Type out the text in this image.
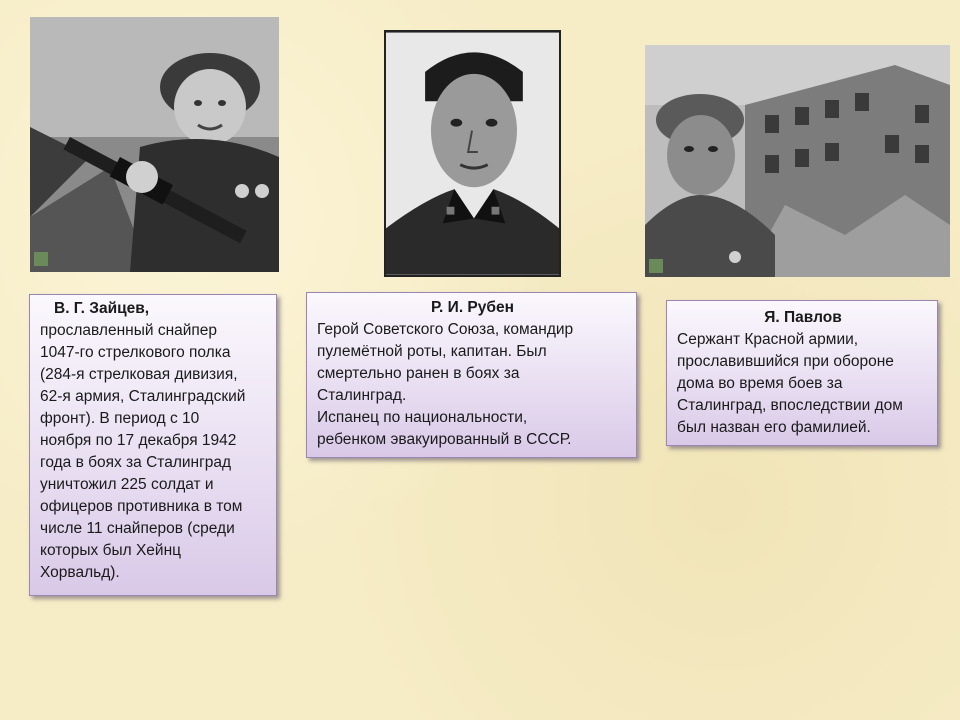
В. Г. Зайцев,
прославленный снайпер
1047-го стрелкового полка
(284-я стрелковая дивизия,
62-я армия, Сталинградский
фронт). В период с 10
ноября по 17 декабря 1942
года в боях за Сталинград
уничтожил 225 солдат и
офицеров противника в том
числе 11 снайперов (среди
которых был Хейнц
Хорвальд).
Р. И. Рубен
Герой Советского Союза, командир
пулемётной роты, капитан. Был
смертельно ранен в боях за
Сталинград.
Испанец по национальности,
ребенком эвакуированный в СССР.
Я. Павлов
Сержант Красной армии,
прославившийся при обороне
дома во время боев за
Сталинград, впоследствии дом
был назван его фамилией.
